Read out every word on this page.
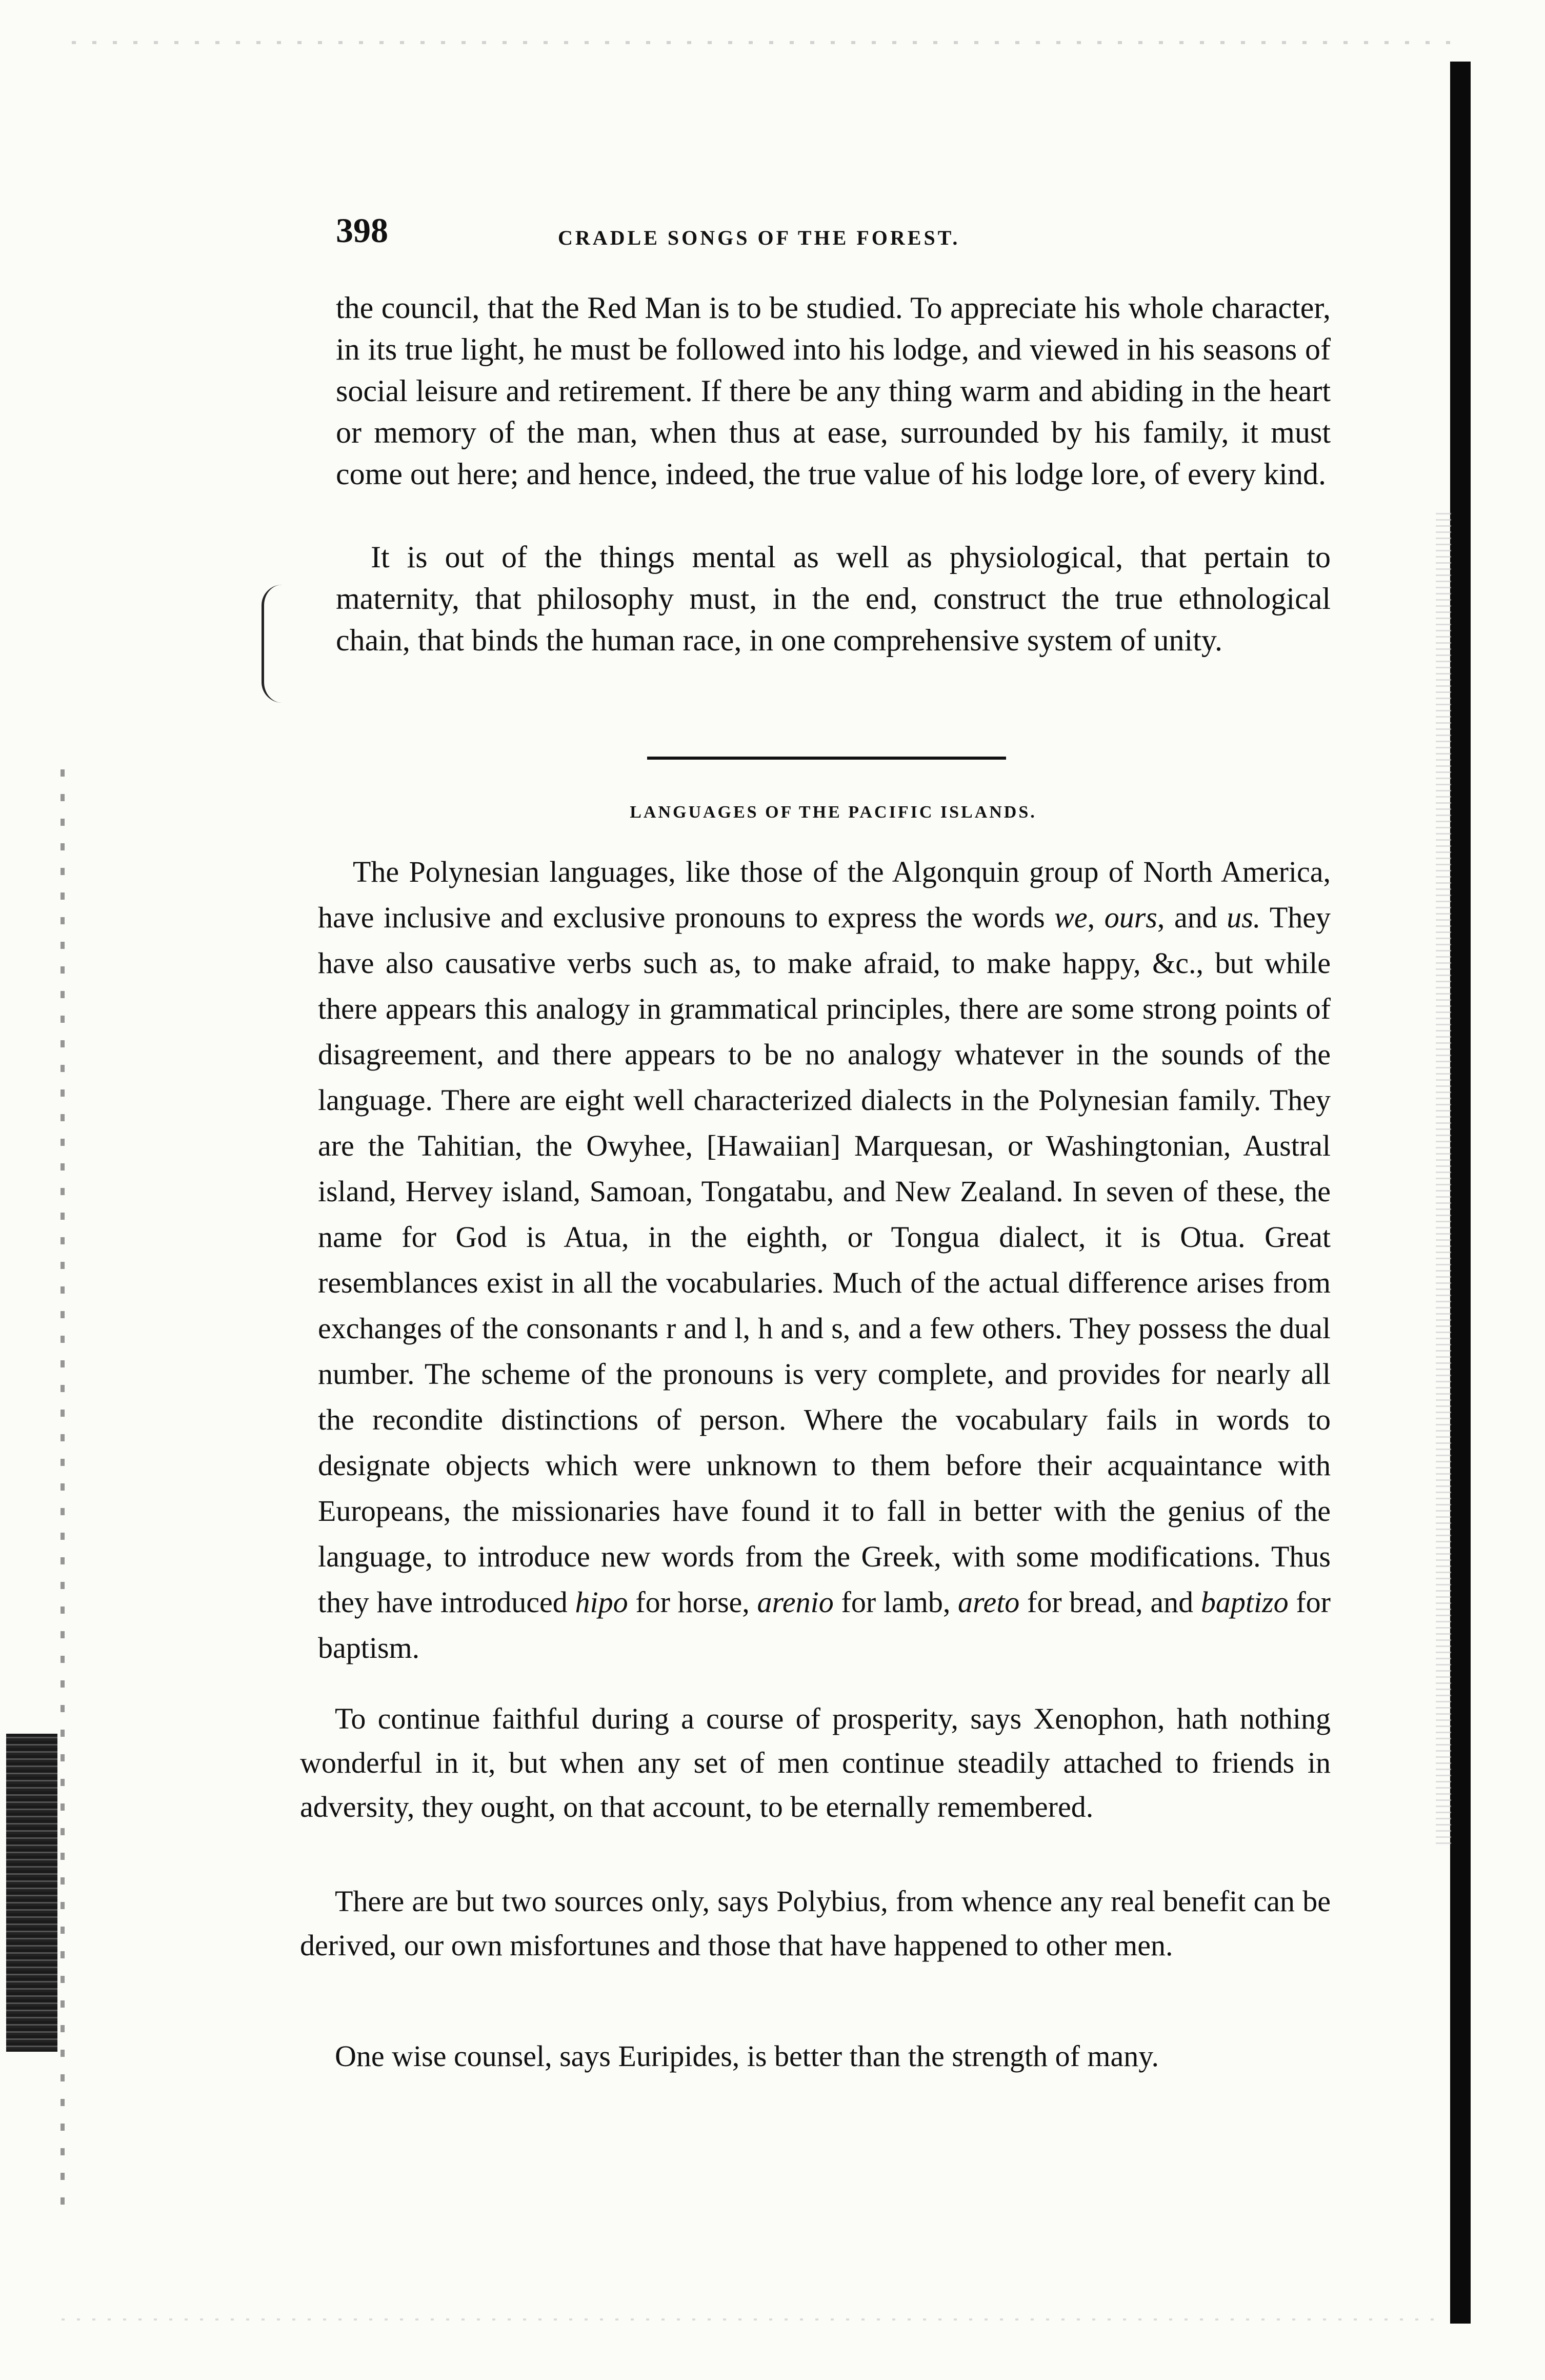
398	CRADLE SONGS OF THE FOREST.

the council, that the Red Man is to be studied. To appreciate his whole character, in its true light, he must be followed into his lodge, and viewed in his seasons of social leisure and retirement. If there be any thing warm and abiding in the heart or memory of the man, when thus at ease, surrounded by his family, it must come out here; and hence, indeed, the true value of his lodge lore, of every kind.

It is out of the things mental as well as physiological, that pertain to maternity, that philosophy must, in the end, construct the true ethnological chain, that binds the human race, in one comprehensive system of unity.

LANGUAGES OF THE PACIFIC ISLANDS.

The Polynesian languages, like those of the Algonquin group of North America, have inclusive and exclusive pronouns to express the words we, ours, and us. They have also causative verbs such as, to make afraid, to make happy, &c., but while there appears this analogy in grammatical principles, there are some strong points of disagreement, and there appears to be no analogy whatever in the sounds of the language. There are eight well characterized dialects in the Polynesian family. They are the Tahitian, the Owyhee, [Hawaiian] Marquesan, or Washingtonian, Austral island, Hervey island, Samoan, Tongatabu, and New Zealand. In seven of these, the name for God is Atua, in the eighth, or Tongua dialect, it is Otua. Great resemblances exist in all the vocabularies. Much of the actual difference arises from exchanges of the consonants r and l, h and s, and a few others. They possess the dual number. The scheme of the pronouns is very complete, and provides for nearly all the recondite distinctions of person. Where the vocabulary fails in words to designate objects which were unknown to them before their acquaintance with Europeans, the missionaries have found it to fall in better with the genius of the language, to introduce new words from the Greek, with some modifications. Thus they have introduced hipo for horse, arenio for lamb, areto for bread, and baptizo for baptism.

To continue faithful during a course of prosperity, says Xenophon, hath nothing wonderful in it, but when any set of men continue steadily attached to friends in adversity, they ought, on that account, to be eternally remembered.

There are but two sources only, says Polybius, from whence any real benefit can be derived, our own misfortunes and those that have happened to other men.

One wise counsel, says Euripides, is better than the strength of many.
